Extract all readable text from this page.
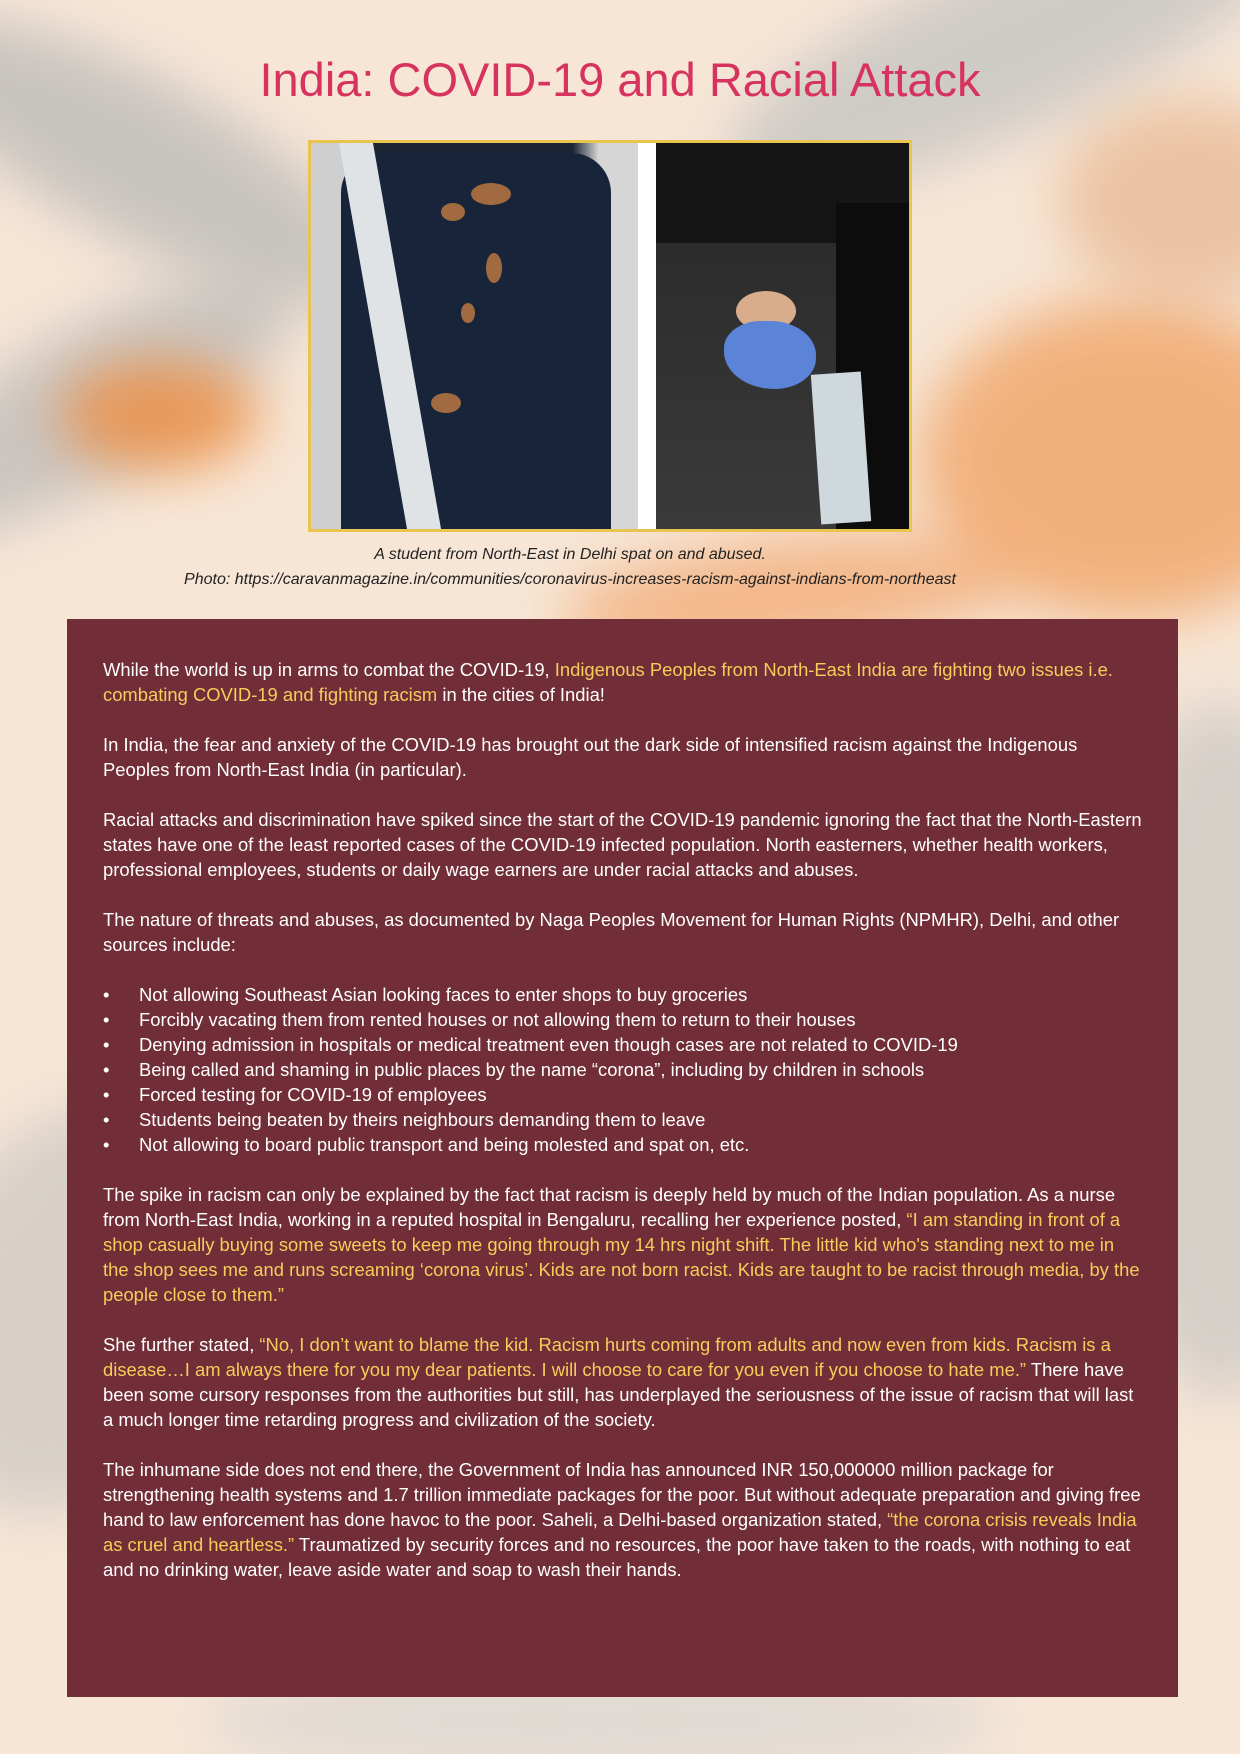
India: COVID-19 and Racial Attack
A student from North-East in Delhi spat on and abused.
Photo: https://caravanmagazine.in/communities/coronavirus-increases-racism-against-indians-from-northeast

While the world is up in arms to combat the COVID-19, Indigenous Peoples from North-East India are fighting two issues i.e. combating COVID-19 and fighting racism in the cities of India!

In India, the fear and anxiety of the COVID-19 has brought out the dark side of intensified racism against the Indigenous Peoples from North-East India (in particular).

Racial attacks and discrimination have spiked since the start of the COVID-19 pandemic ignoring the fact that the North-Eastern states have one of the least reported cases of the COVID-19 infected population. North easterners, whether health workers, professional employees, students or daily wage earners are under racial attacks and abuses.

The nature of threats and abuses, as documented by Naga Peoples Movement for Human Rights (NPMHR), Delhi, and other sources include:

• Not allowing Southeast Asian looking faces to enter shops to buy groceries
• Forcibly vacating them from rented houses or not allowing them to return to their houses
• Denying admission in hospitals or medical treatment even though cases are not related to COVID-19
• Being called and shaming in public places by the name “corona”, including by children in schools
• Forced testing for COVID-19 of employees
• Students being beaten by theirs neighbours demanding them to leave
• Not allowing to board public transport and being molested and spat on, etc.

The spike in racism can only be explained by the fact that racism is deeply held by much of the Indian population. As a nurse from North-East India, working in a reputed hospital in Bengaluru, recalling her experience posted, “I am standing in front of a shop casually buying some sweets to keep me going through my 14 hrs night shift. The little kid who's standing next to me in the shop sees me and runs screaming ‘corona virus’. Kids are not born racist. Kids are taught to be racist through media, by the people close to them.”

She further stated, “No, I don’t want to blame the kid. Racism hurts coming from adults and now even from kids. Racism is a disease…I am always there for you my dear patients. I will choose to care for you even if you choose to hate me.” There have been some cursory responses from the authorities but still, has underplayed the seriousness of the issue of racism that will last a much longer time retarding progress and civilization of the society.

The inhumane side does not end there, the Government of India has announced INR 150,000000 million package for strengthening health systems and 1.7 trillion immediate packages for the poor. But without adequate preparation and giving free hand to law enforcement has done havoc to the poor. Saheli, a Delhi-based organization stated, “the corona crisis reveals India as cruel and heartless.” Traumatized by security forces and no resources, the poor have taken to the roads, with nothing to eat and no drinking water, leave aside water and soap to wash their hands.
